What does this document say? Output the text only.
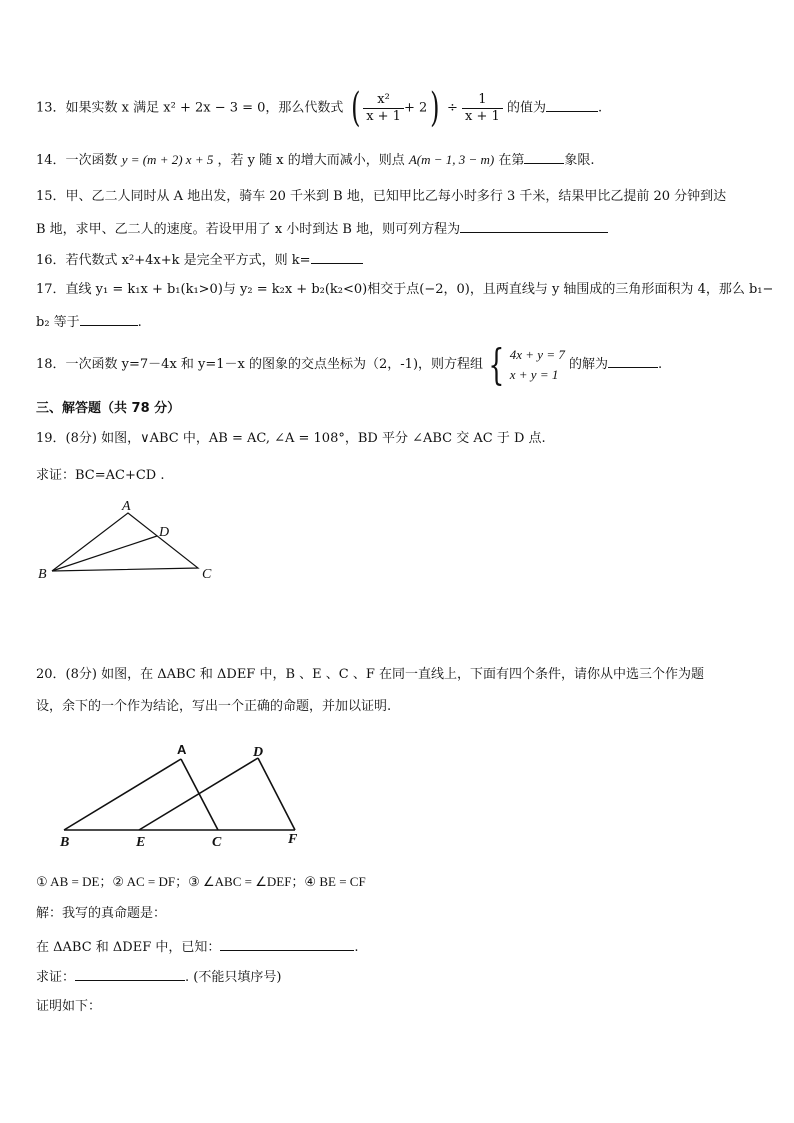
13．如果实数 x 满足 x² + 2x − 3 = 0，那么代数式 ( $\frac{\text{x²}}{x + 1} + 2) \div \frac{1}{x + 1}$ 的值为	.
14．一次函数 y = (m + 2) x + 5 ，若 y 随 x 的增大而减小，则点 A(m − 1, 3 − m) 在第	象限.
15．甲、乙二人同时从 A 地出发，骑车 20 千米到 B 地，已知甲比乙每小时多行 3 千米，结果甲比乙提前 20 分钟到达
B 地，求甲、乙二人的速度。若设甲用了 x 小时到达 B 地，则可列方程为
16．若代数式 x²+4x+k 是完全平方式，则 k=
17．直线 y₁ = k₁x + b₁(k₁>0)与 y₂ = k₂x + b₂(k₂<0)相交于点(−2，0)，且两直线与 y 轴围成的三角形面积为 4，那么 b₁−
b₂ 等于	.
18．一次函数 y=7－4x 和 y=1－x 的图象的交点坐标为（2，-1)，则方程组 { 4x + y = 7
x + y = 1
的解为	.
三、解答题（共 78 分）
19．(8分) 如图，∨ABC 中，AB = AC, ∠A = 108°，BD 平分 ∠ABC 交 AC 于 D 点.
求证：BC=AC+CD .
A
D
B	C
20．(8分) 如图，在 ΔABC 和 ΔDEF 中，B 、E 、C 、F 在同一直线上，下面有四个条件，请你从中选三个作为题
设，余下的一个作为结论，写出一个正确的命题，并加以证明.
A	D
B	E	C	F
① AB = DE；② AC = DF；③ ∠ABC = ∠DEF；④ BE = CF
解：我写的真命题是：
在 ΔABC 和 ΔDEF 中，已知：	.
求证：	. (不能只填序号)
证明如下：
